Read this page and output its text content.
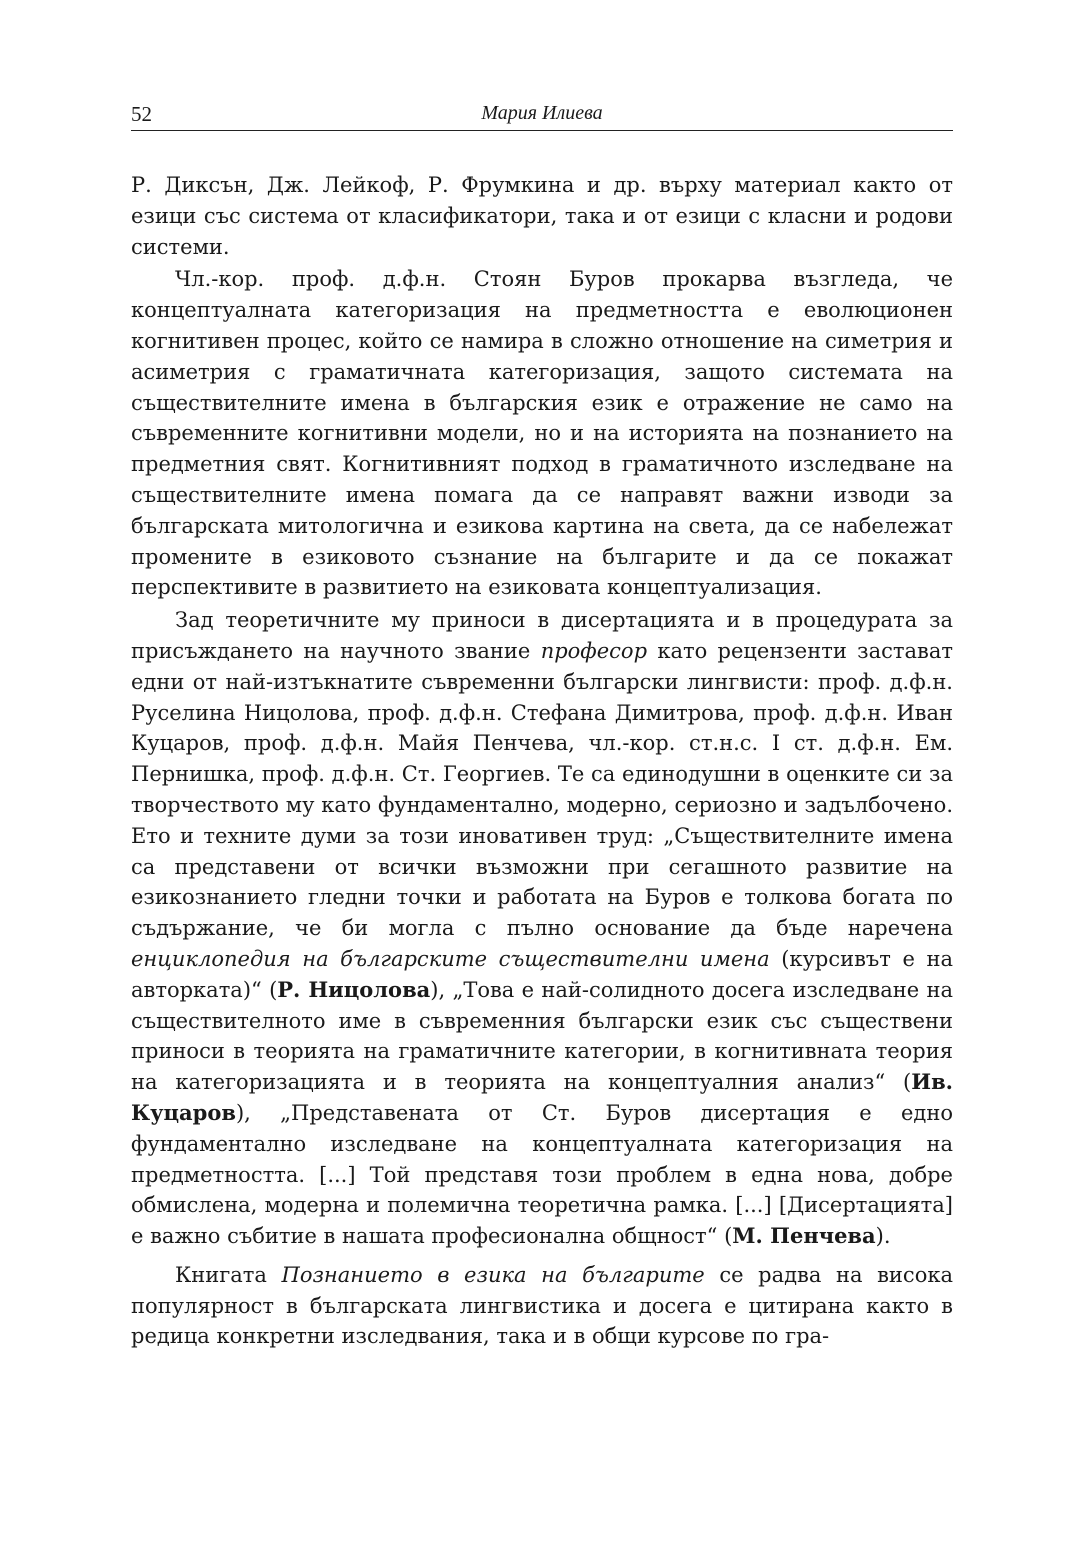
52	Мария Илиева

Р. Диксън, Дж. Лейкоф, Р. Фрумкина и др. върху материал както от езици със система от класификатори, така и от езици с класни и родови системи.

Чл.-кор. проф. д.ф.н. Стоян Буров прокарва възгледа, че концептуалната категоризация на предметността е еволюционен когнитивен процес, който се намира в сложно отношение на симетрия и асиметрия с граматичната категоризация, защото системата на съществителните имена в българския език е отражение не само на съвременните когнитивни модели, но и на историята на познанието на предметния свят. Когнитивният подход в граматичното изследване на съществителните имена помага да се направят важни изводи за българската митологична и езикова картина на света, да се набележат промените в езиковото съзнание на българите и да се покажат перспективите в развитието на езиковата концептуализация.

Зад теоретичните му приноси в дисертацията и в процедурата за присъждането на научното звание професор като рецензенти застават едни от най-изтъкнатите съвременни български лингвисти: проф. д.ф.н. Руселина Ницолова, проф. д.ф.н. Стефана Димитрова, проф. д.ф.н. Иван Куцаров, проф. д.ф.н. Майя Пенчева, чл.-кор. ст.н.с. I ст. д.ф.н. Ем. Пернишка, проф. д.ф.н. Ст. Георгиев. Те са единодушни в оценките си за творчеството му като фундаментално, модерно, сериозно и задълбочено. Ето и техните думи за този иновативен труд: „Съществителните имена са представени от всички възможни при сегашното развитие на езикознанието гледни точки и работата на Буров е толкова богата по съдържание, че би могла с пълно основание да бъде наречена енциклопедия на българските съществителни имена (курсивът е на авторката)“ (Р. Ницолова), „Това е най-солидното досега изследване на съществителното име в съвременния български език със съществени приноси в теорията на граматичните категории, в когнитивната теория на категоризацията и в теорията на концептуалния анализ“ (Ив. Куцаров), „Представената от Ст. Буров дисертация е едно фундаментално изследване на концептуалната категоризация на предметността. [...] Той представя този проблем в една нова, добре обмислена, модерна и полемична теоретична рамка. [...] [Дисертацията] е важно събитие в нашата професионална общност“ (М. Пенчева).

Книгата Познанието в езика на българите се радва на висока популярност в българската лингвистика и досега е цитирана както в редица конкретни изследвания, така и в общи курсове по гра-
